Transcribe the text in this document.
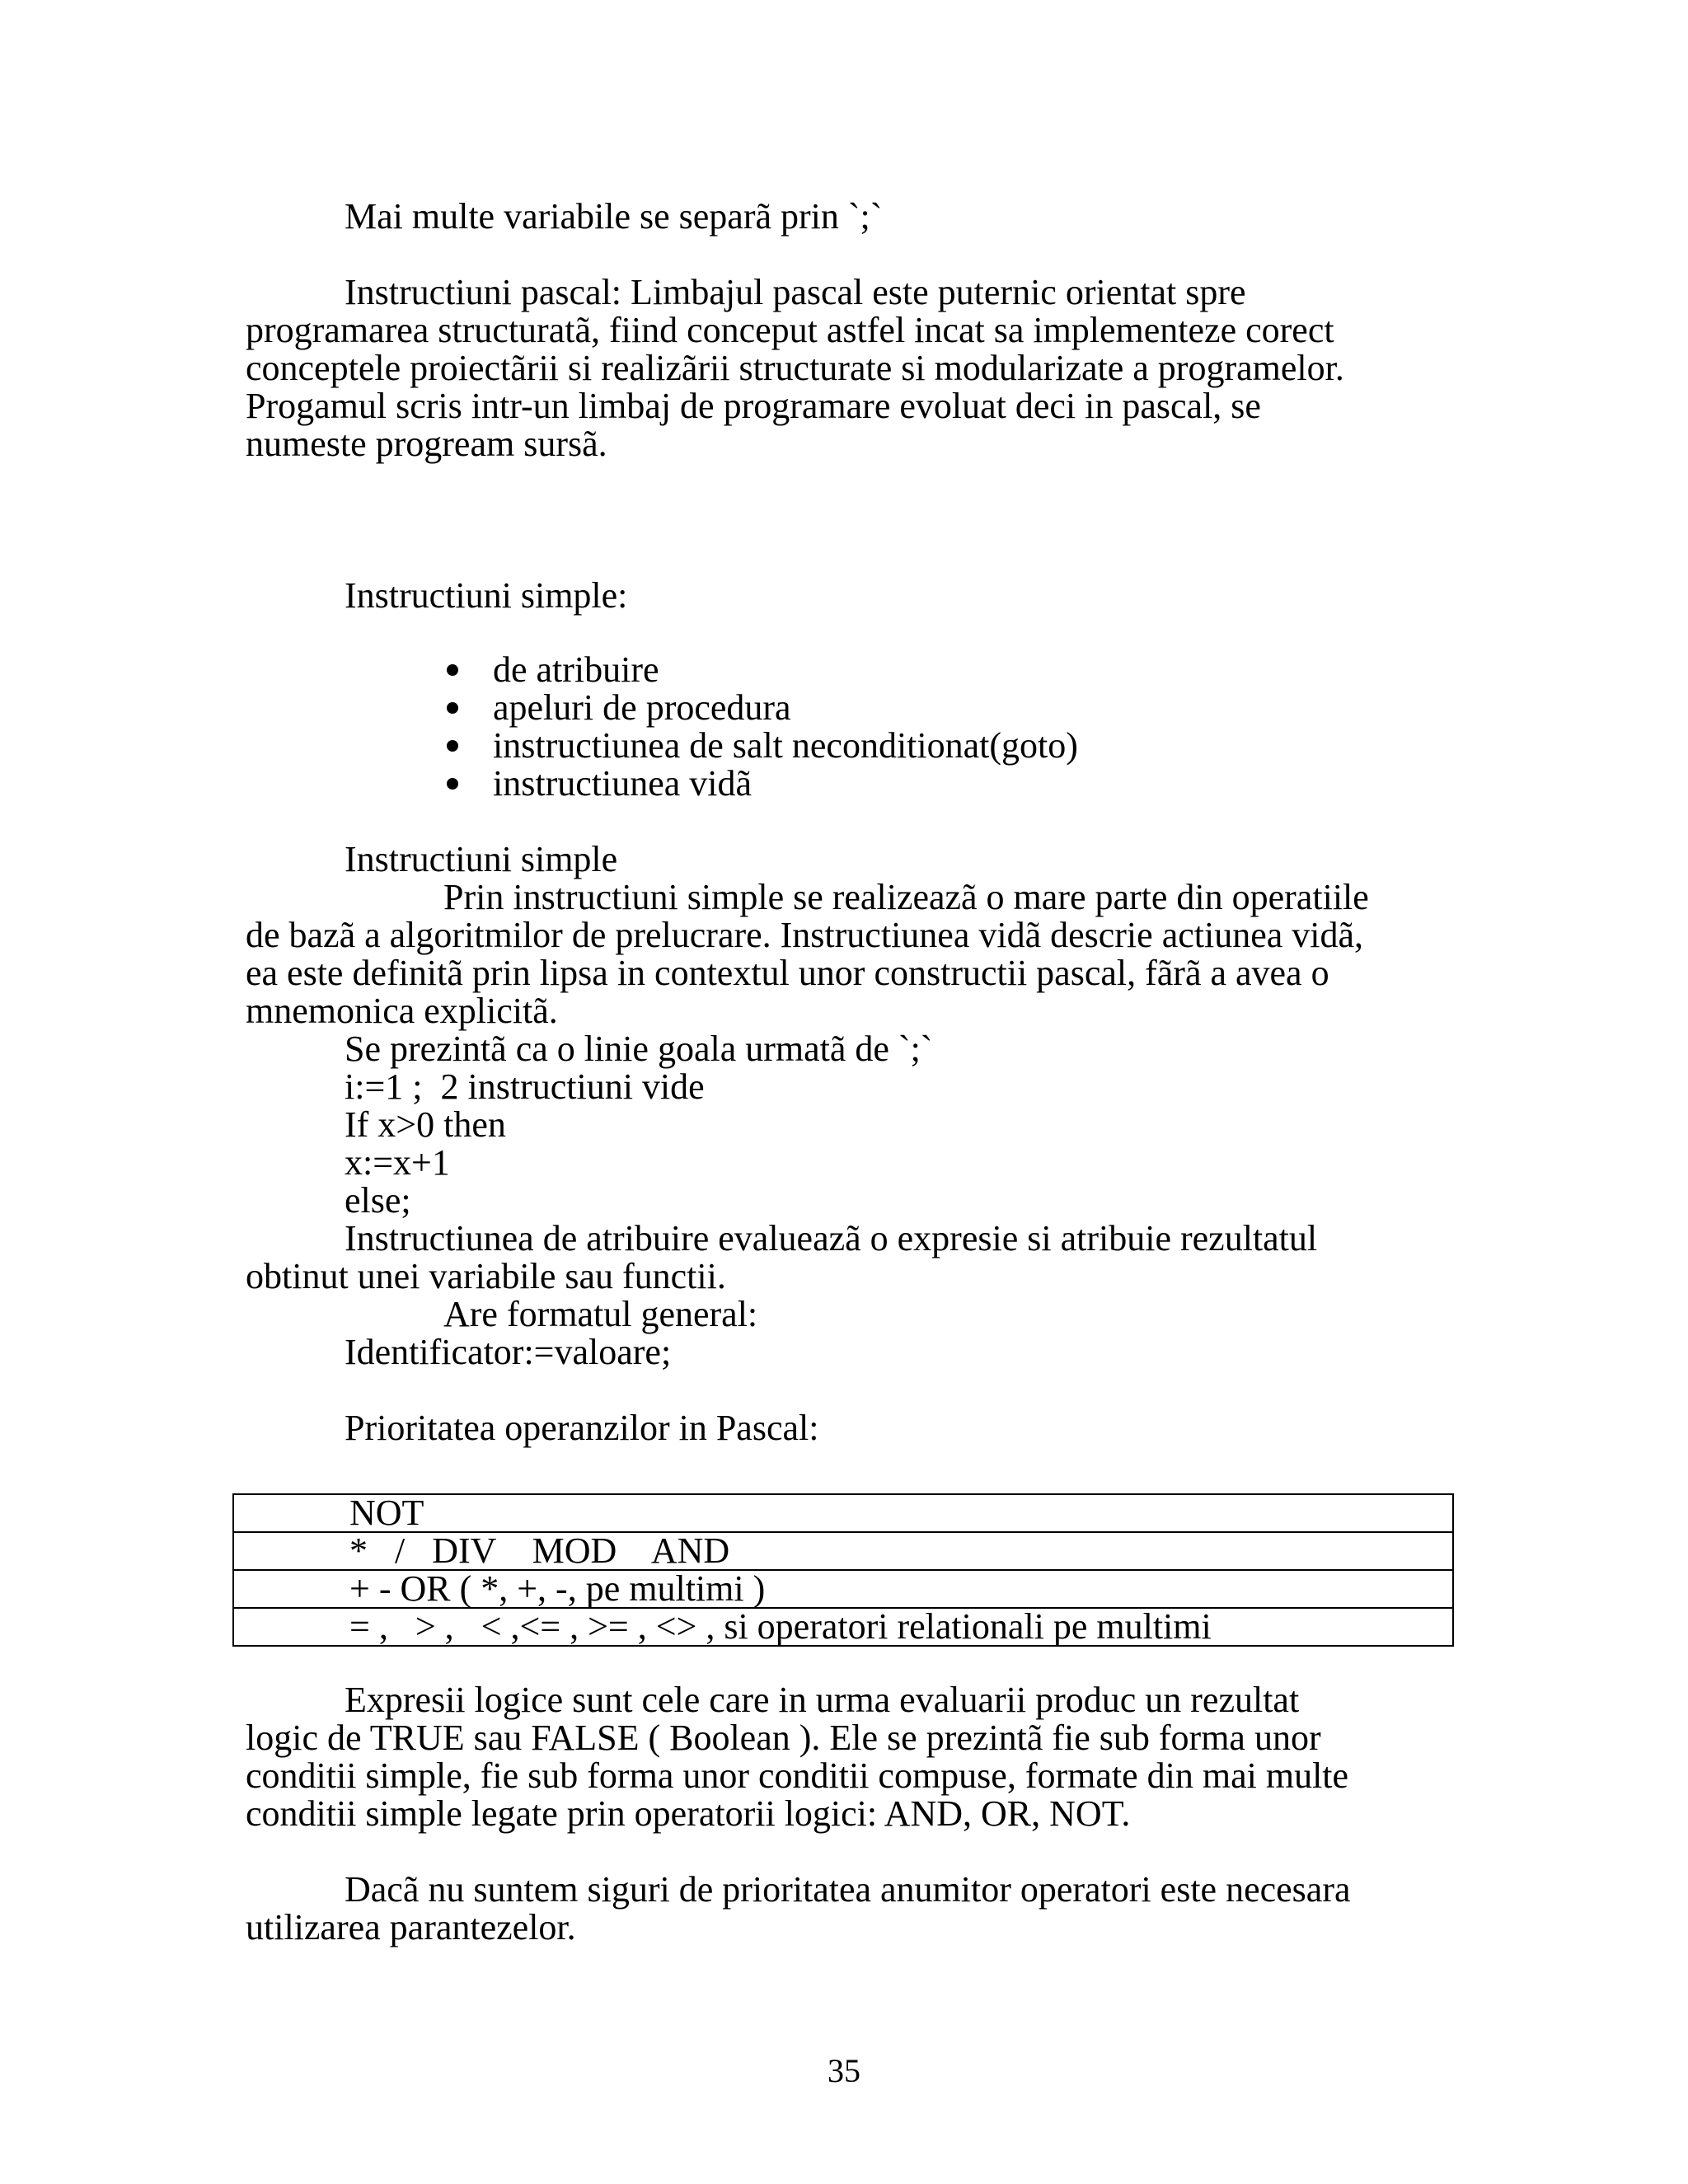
Mai multe variabile se separã prin `;`
Instructiuni pascal: Limbajul pascal este puternic orientat spre
programarea structuratã, fiind conceput astfel incat sa implementeze corect
conceptele proiectãrii si realizãrii structurate si modularizate a programelor.
Progamul scris intr-un limbaj de programare evoluat deci in pascal, se
numeste progream sursã.
Instructiuni simple:
de atribuire
apeluri de procedura
instructiunea de salt neconditionat(goto)
instructiunea vidã
Instructiuni simple
Prin instructiuni simple se realizeazã o mare parte din operatiile
de bazã a algoritmilor de prelucrare. Instructiunea vidã descrie actiunea vidã,
ea este definitã prin lipsa in contextul unor constructii pascal, fãrã a avea o
mnemonica explicitã.
Se prezintã ca o linie goala urmatã de `;`
i:=1 ;  2 instructiuni vide
If x>0 then
x:=x+1
else;
Instructiunea de atribuire evalueazã o expresie si atribuie rezultatul
obtinut unei variabile sau functii.
Are formatul general:
Identificator:=valoare;
Prioritatea operanzilor in Pascal:
NOT
*   /   DIV    MOD    AND
+ - OR ( *, +, -, pe multimi )
= ,   > ,   < ,<= , >= , <> , si operatori relationali pe multimi
Expresii logice sunt cele care in urma evaluarii produc un rezultat
logic de TRUE sau FALSE ( Boolean ). Ele se prezintã fie sub forma unor
conditii simple, fie sub forma unor conditii compuse, formate din mai multe
conditii simple legate prin operatorii logici: AND, OR, NOT.
Dacã nu suntem siguri de prioritatea anumitor operatori este necesara
utilizarea parantezelor.
35
